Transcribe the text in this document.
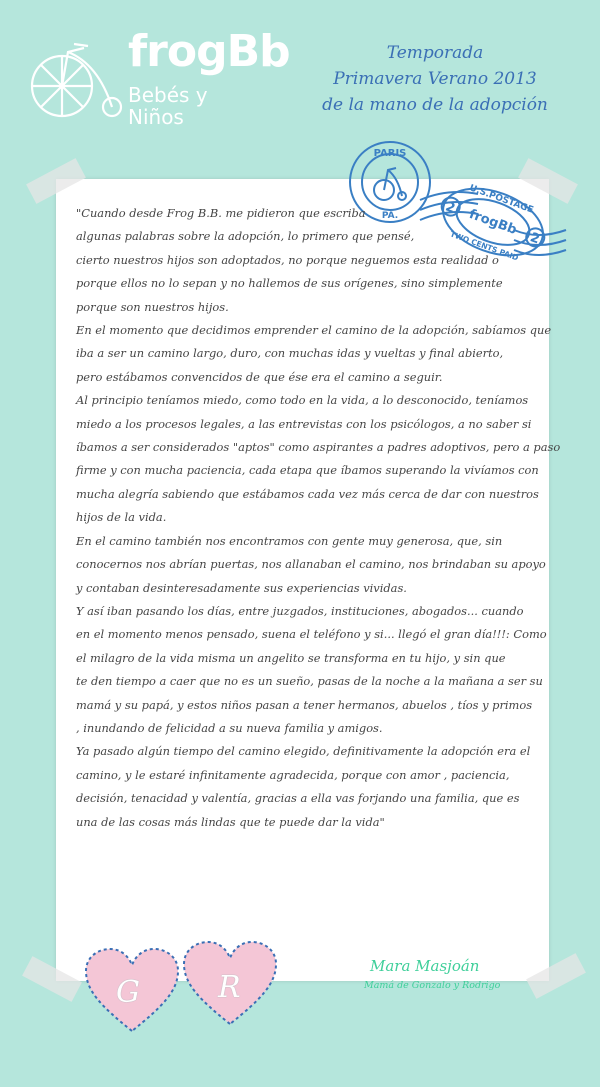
frogBb
Bebés y Niños
Temporada
Primavera Verano 2013
de la mano de la adopción
PARIS
PA.
U.S.POSTAGE
frogBb
TWO CENTS PAID
2
2

"Cuando desde Frog B.B. me pidieron que escriba

algunas palabras sobre la adopción, lo primero que pensé,

cierto nuestros hijos son adoptados, no porque neguemos esta realidad o

porque ellos no lo sepan y no hallemos de sus orígenes, sino simplemente

porque son nuestros hijos.

En el momento que decidimos emprender el camino de la adopción, sabíamos que

iba a ser un camino largo, duro, con muchas idas y vueltas y final abierto,

pero estábamos convencidos de que ése era el camino a seguir.

Al principio teníamos miedo, como todo en la vida, a lo desconocido, teníamos

miedo a los procesos legales, a las entrevistas con los psicólogos, a no saber si

íbamos a ser considerados "aptos" como aspirantes a padres adoptivos, pero a paso

firme y con mucha paciencia, cada etapa que íbamos superando la vivíamos con

mucha alegría sabiendo que estábamos cada vez más cerca de dar con nuestros

hijos de la vida.

En el camino también nos encontramos con gente muy generosa, que, sin

conocernos nos abrían puertas, nos allanaban el camino, nos brindaban su apoyo

y contaban desinteresadamente sus experiencias vividas.

Y así iban pasando los días, entre juzgados, instituciones, abogados... cuando

en el momento menos pensado, suena el teléfono y si... llegó el gran día!!!: Como

el milagro de la vida misma un angelito se transforma en tu hijo, y sin que

te den tiempo a caer que no es un sueño, pasas de la noche a la mañana a ser su

mamá y su papá, y estos niños pasan a tener hermanos, abuelos , tíos y primos

, inundando de felicidad a su nueva familia y amigos.

Ya pasado algún tiempo del camino elegido, definitivamente la adopción era el

camino, y le estaré infinitamente agradecida, porque con amor , paciencia,

decisión, tenacidad y valentía, gracias a ella vas forjando una familia, que es

una de las cosas más lindas que te puede dar la vida"

G	R
Mara Masjoán
Mamá de Gonzalo y Rodrigo
